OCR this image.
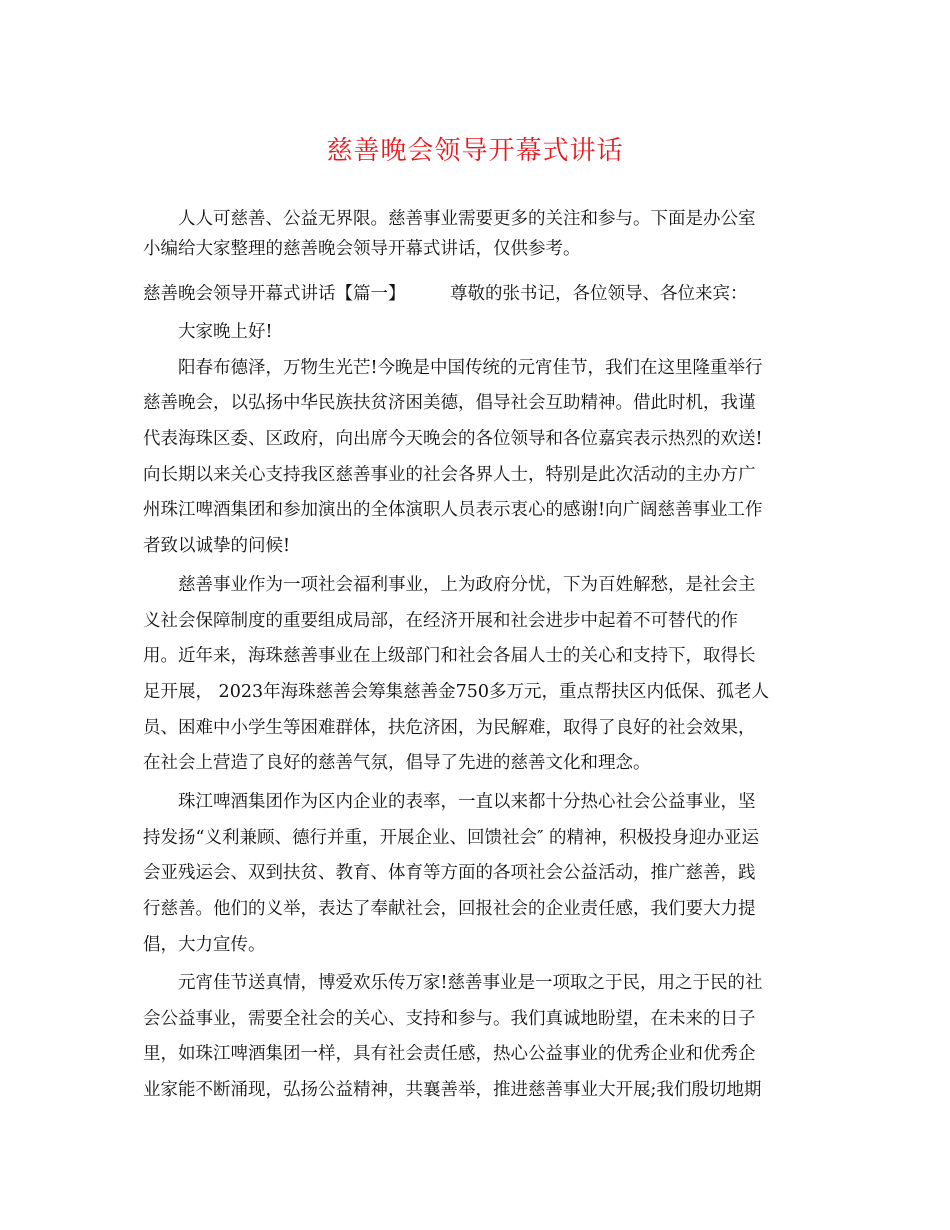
慈善晚会领导开幕式讲话
人人可慈善、公益无界限。慈善事业需要更多的关注和参与。下面是办公室
小编给大家整理的慈善晚会领导开幕式讲话，仅供参考。
慈善晚会领导开幕式讲话【篇一】        尊敬的张书记，各位领导、各位来宾：
大家晚上好!
阳春布德泽，万物生光芒!今晚是中国传统的元宵佳节，我们在这里隆重举行
慈善晚会，以弘扬中华民族扶贫济困美德，倡导社会互助精神。借此时机，我谨
代表海珠区委、区政府，向出席今天晚会的各位领导和各位嘉宾表示热烈的欢送!
向长期以来关心支持我区慈善事业的社会各界人士，特别是此次活动的主办方广
州珠江啤酒集团和参加演出的全体演职人员表示衷心的感谢!向广阔慈善事业工作
者致以诚挚的问候!
慈善事业作为一项社会福利事业，上为政府分忧，下为百姓解愁，是社会主
义社会保障制度的重要组成局部，在经济开展和社会进步中起着不可替代的作
用。近年来，海珠慈善事业在上级部门和社会各届人士的关心和支持下，取得长
足开展， 2023年海珠慈善会筹集慈善金750多万元，重点帮扶区内低保、孤老人
员、困难中小学生等困难群体，扶危济困，为民解难，取得了良好的社会效果，
在社会上营造了良好的慈善气氛，倡导了先进的慈善文化和理念。
珠江啤酒集团作为区内企业的表率，一直以来都十分热心社会公益事业，坚
持发扬“义利兼顾、德行并重，开展企业、回馈社会″ 的精神，积极投身迎办亚运
会亚残运会、双到扶贫、教育、体育等方面的各项社会公益活动，推广慈善，践
行慈善。他们的义举，表达了奉献社会，回报社会的企业责任感，我们要大力提
倡，大力宣传。
元宵佳节送真情，博爱欢乐传万家!慈善事业是一项取之于民，用之于民的社
会公益事业，需要全社会的关心、支持和参与。我们真诚地盼望，在未来的日子
里，如珠江啤酒集团一样，具有社会责任感，热心公益事业的优秀企业和优秀企
业家能不断涌现，弘扬公益精神，共襄善举，推进慈善事业大开展;我们殷切地期
